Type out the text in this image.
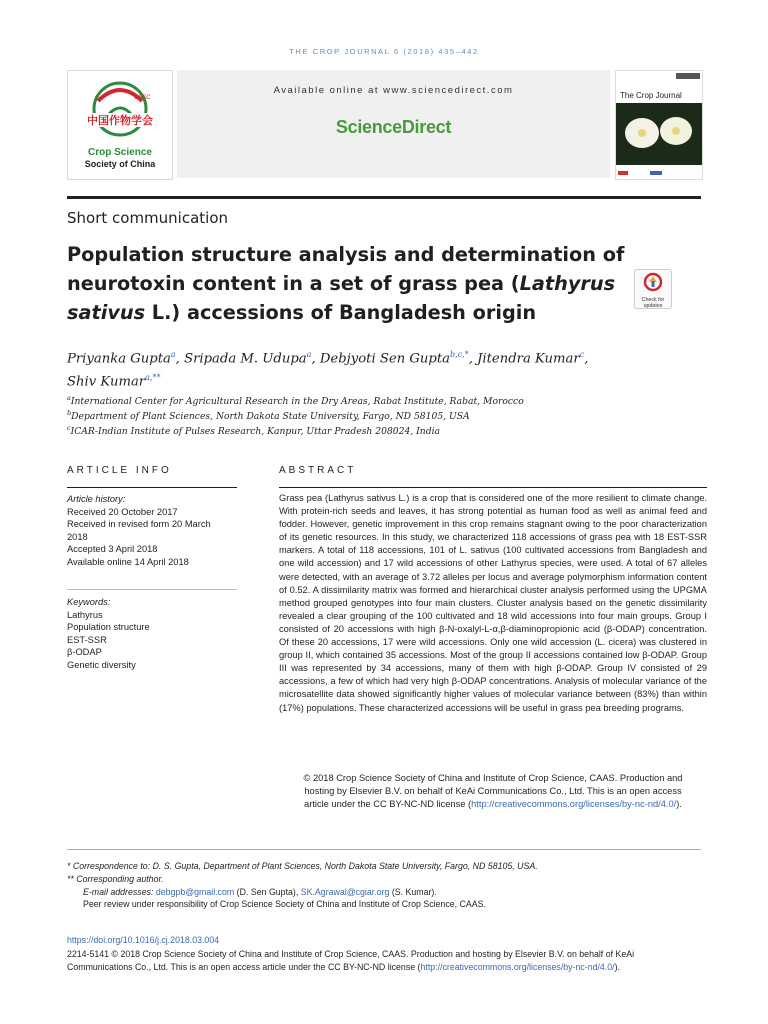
THE CROP JOURNAL 6 (2018) 435–442
CSSC
中国作物学会
Crop Science
Society of China
Available online at www.sciencedirect.com
ScienceDirect
The Crop Journal
Short communication
Population structure analysis and determination of neurotoxin content in a set of grass pea (Lathyrus sativus L.) accessions of Bangladesh origin
Check for updates
Priyanka Gupta$^a$, Sripada M. Udupa$^a$, Debjyoti Sen Gupta$^{b,c,*}$, Jitendra Kumar$^c$,
Shiv Kumar$^{a,**}$
$^a$International Center for Agricultural Research in the Dry Areas, Rabat Institute, Rabat, Morocco
$^b$Department of Plant Sciences, North Dakota State University, Fargo, ND 58105, USA
$^c$ICAR-Indian Institute of Pulses Research, Kanpur, Uttar Pradesh 208024, India
ARTICLE INFO
Article history:
Received 20 October 2017
Received in revised form 20 March
2018
Accepted 3 April 2018
Available online 14 April 2018
Keywords:
Lathyrus
Population structure
EST-SSR
β-ODAP
Genetic diversity
ABSTRACT

Grass pea (Lathyrus sativus L.) is a crop that is considered one of the more resilient to climate change. With protein-rich seeds and leaves, it has strong potential as human food as well as animal feed and fodder. However, genetic improvement in this crop remains stagnant owing to the poor characterization of its genetic resources. In this study, we characterized 118 accessions of grass pea with 18 EST-SSR markers. A total of 118 accessions, 101 of L. sativus (100 cultivated accessions from Bangladesh and one wild accession) and 17 wild accessions of other Lathyrus species, were used. A total of 67 alleles were detected, with an average of 3.72 alleles per locus and average polymorphism information content of 0.52. A dissimilarity matrix was formed and hierarchical cluster analysis performed using the UPGMA method grouped genotypes into four main clusters. Cluster analysis based on the genetic dissimilarity revealed a clear grouping of the 100 cultivated and 18 wild accessions into four main groups. Group I consisted of 20 accessions with high β-N-oxalyl-L-α,β-diaminopropionic acid (β-ODAP) concentration. Of these 20 accessions, 17 were wild accessions. Only one wild accession (L. cicera) was clustered in group II, which contained 35 accessions. Most of the group II accessions contained low β-ODAP. Group III was represented by 34 accessions, many of them with high β-ODAP. Group IV consisted of 29 accessions, a few of which had very high β-ODAP concentrations. Analysis of molecular variance of the microsatellite data showed significantly higher values of molecular variance between (83%) than within (17%) populations. These characterized accessions will be useful in grass pea breeding programs.

© 2018 Crop Science Society of China and Institute of Crop Science, CAAS. Production and
hosting by Elsevier B.V. on behalf of KeAi Communications Co., Ltd. This is an open access
article under the CC BY-NC-ND license (http://creativecommons.org/licenses/by-nc-nd/4.0/).
* Correspondence to: D. S. Gupta, Department of Plant Sciences, North Dakota State University, Fargo, ND 58105, USA.
** Corresponding author.
E-mail addresses: debgpb@gmail.com (D. Sen Gupta), SK.Agrawal@cgiar.org (S. Kumar).
Peer review under responsibility of Crop Science Society of China and Institute of Crop Science, CAAS.
https://doi.org/10.1016/j.cj.2018.03.004
2214-5141 © 2018 Crop Science Society of China and Institute of Crop Science, CAAS. Production and hosting by Elsevier B.V. on behalf of KeAi
Communications Co., Ltd. This is an open access article under the CC BY-NC-ND license (http://creativecommons.org/licenses/by-nc-nd/4.0/).
